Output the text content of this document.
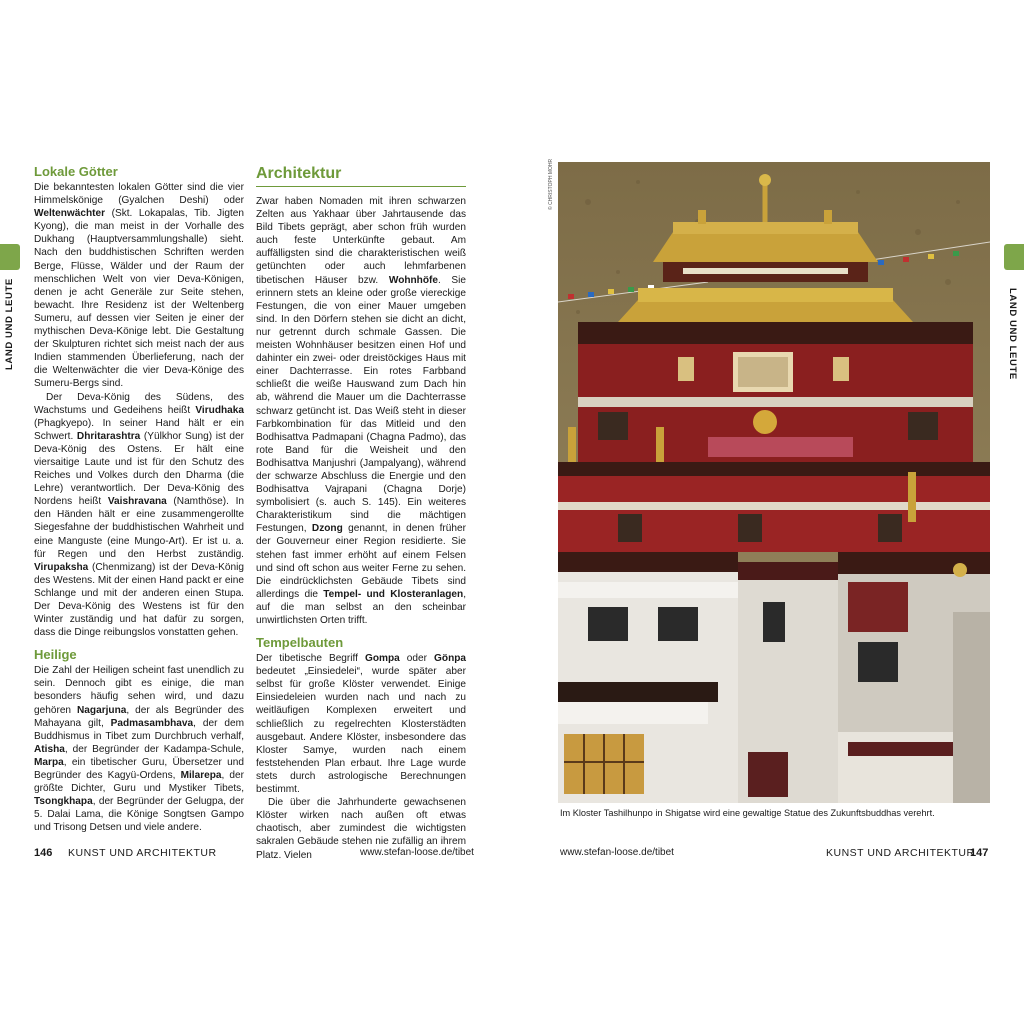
LAND UND LEUTE
Lokale Götter

Die bekanntesten lokalen Götter sind die vier Himmelskönige (Gyalchen Deshi) oder Weltenwächter (Skt. Lokapalas, Tib. Jigten Kyong), die man meist in der Vorhalle des Dukhang (Hauptversammlungshalle) sieht. Nach den buddhistischen Schriften werden Berge, Flüsse, Wälder und der Raum der menschlichen Welt von vier Deva-Königen, denen je acht Generäle zur Seite stehen, bewacht. Ihre Residenz ist der Weltenberg Sumeru, auf dessen vier Seiten je einer der mythischen Deva-Könige lebt. Die Gestaltung der Skulpturen richtet sich meist nach der aus Indien stammenden Überlieferung, nach der die Weltenwächter die vier Deva-Könige des Sumeru-Bergs sind.

Der Deva-König des Südens, des Wachstums und Gedeihens heißt Virudhaka (Phagkyepo). In seiner Hand hält er ein Schwert. Dhritarashtra (Yülkhor Sung) ist der Deva-König des Ostens. Er hält eine viersaitige Laute und ist für den Schutz des Reiches und Volkes durch den Dharma (die Lehre) verantwortlich. Der Deva-König des Nordens heißt Vaishravana (Namthöse). In den Händen hält er eine zusammengerollte Siegesfahne der buddhistischen Wahrheit und eine Manguste (eine Mungo-Art). Er ist u. a. für Regen und den Herbst zuständig. Virupaksha (Chenmizang) ist der Deva-König des Westens. Mit der einen Hand packt er eine Schlange und mit der anderen einen Stupa. Der Deva-König des Westens ist für den Winter zuständig und hat dafür zu sorgen, dass die Dinge reibungslos vonstatten gehen.

Heilige

Die Zahl der Heiligen scheint fast unendlich zu sein. Dennoch gibt es einige, die man besonders häufig sehen wird, und dazu gehören Nagarjuna, der als Begründer des Mahayana gilt, Padmasambhava, der dem Buddhismus in Tibet zum Durchbruch verhalf, Atisha, der Begründer der Kadampa-Schule, Marpa, ein tibetischer Guru, Übersetzer und Begründer des Kagyü-Ordens, Milarepa, der größte Dichter, Guru und Mystiker Tibets, Tsongkhapa, der Begründer der Gelugpa, der 5. Dalai Lama, die Könige Songtsen Gampo und Trisong Detsen und viele andere.

Architektur

Zwar haben Nomaden mit ihren schwarzen Zelten aus Yakhaar über Jahrtausende das Bild Tibets geprägt, aber schon früh wurden auch feste Unterkünfte gebaut. Am auffälligsten sind die charakteristischen weiß getünchten oder auch lehmfarbenen tibetischen Häuser bzw. Wohnhöfe. Sie erinnern stets an kleine oder große viereckige Festungen, die von einer Mauer umgeben sind. In den Dörfern stehen sie dicht an dicht, nur getrennt durch schmale Gassen. Die meisten Wohnhäuser besitzen einen Hof und dahinter ein zwei- oder dreistöckiges Haus mit einer Dachterrasse. Ein rotes Farbband schließt die weiße Hauswand zum Dach hin ab, während die Mauer um die Dachterrasse schwarz getüncht ist. Das Weiß steht in dieser Farbkombination für das Mitleid und den Bodhisattva Padmapani (Chagna Padmo), das rote Band für die Weisheit und den Bodhisattva Manjushri (Jampalyang), während der schwarze Abschluss die Energie und den Bodhisattva Vajrapani (Chagna Dorje) symbolisiert (s. auch S. 145). Ein weiteres Charakteristikum sind die mächtigen Festungen, Dzong genannt, in denen früher der Gouverneur einer Region residierte. Sie stehen fast immer erhöht auf einem Felsen und sind oft schon aus weiter Ferne zu sehen. Die eindrücklichsten Gebäude Tibets sind allerdings die Tempel- und Klosteranlagen, auf die man selbst an den scheinbar unwirtlichsten Orten trifft.

Tempelbauten

Der tibetische Begriff Gompa oder Gönpa bedeutet „Einsiedelei“, wurde später aber selbst für große Klöster verwendet. Einige Einsiedeleien wurden nach und nach zu weitläufigen Komplexen erweitert und schließlich zu regelrechten Klosterstädten ausgebaut. Andere Klöster, insbesondere das Kloster Samye, wurden nach einem feststehenden Plan erbaut. Ihre Lage wurde stets durch astrologische Berechnungen bestimmt.

Die über die Jahrhunderte gewachsenen Klöster wirken nach außen oft etwas chaotisch, aber zumindest die wichtigsten sakralen Gebäude stehen nie zufällig an ihrem Platz. Vielen

146 KUNST UND ARCHITEKTUR	www.stefan-loose.de/tibet
LAND UND LEUTE
© CHRISTOPH MOHR
Im Kloster Tashilhunpo in Shigatse wird eine gewaltige Statue des Zukunftsbuddhas verehrt.
www.stefan-loose.de/tibet	KUNST UND ARCHITEKTUR
147
